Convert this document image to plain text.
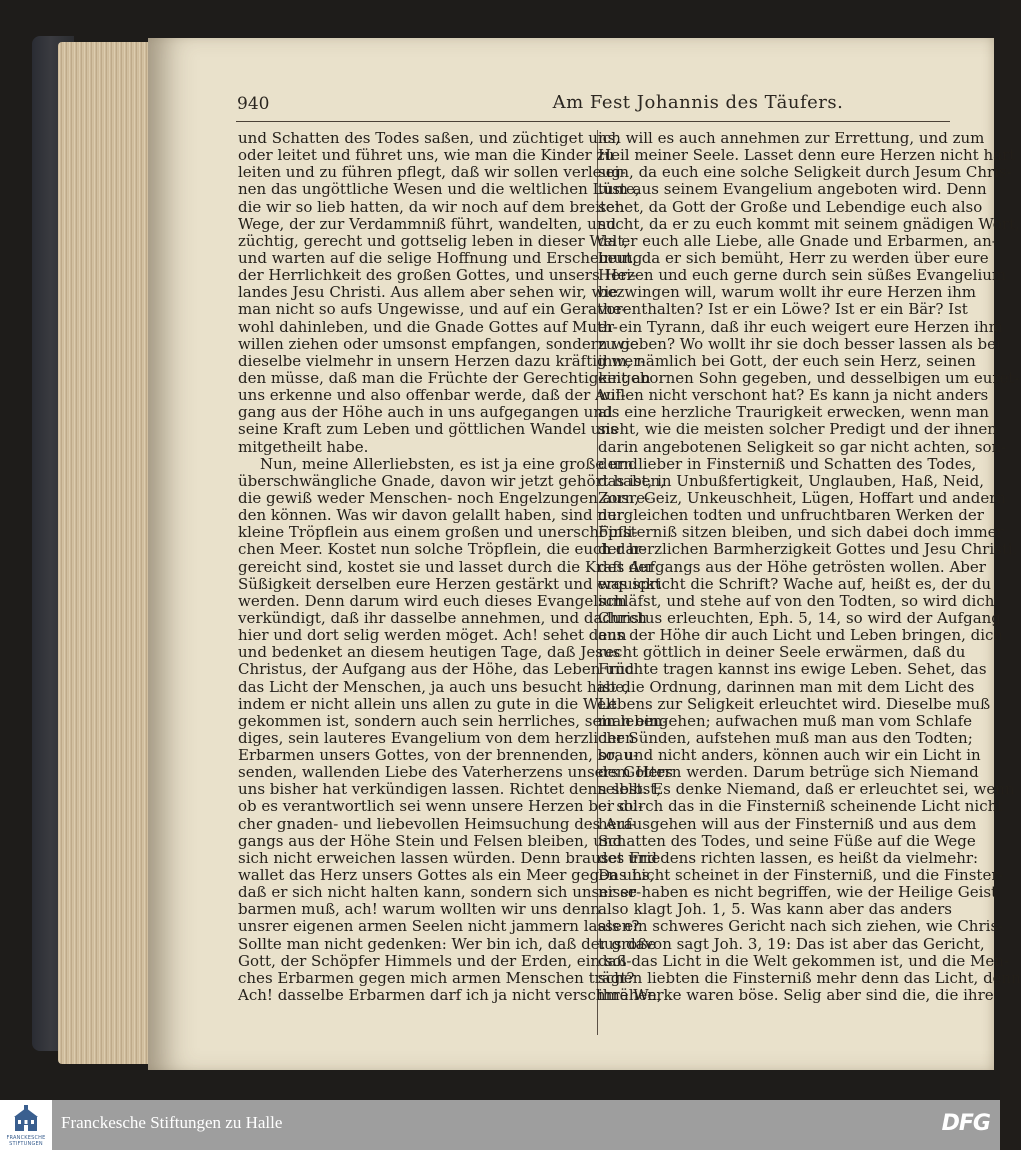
940	Am Fest Johannis des Täufers.
und Schatten des Todes saßen, und züchtiget uns,
oder leitet und führet uns, wie man die Kinder zu
leiten und zu führen pflegt, daß wir sollen verleug-
nen das ungöttliche Wesen und die weltlichen Lüste,
die wir so lieb hatten, da wir noch auf dem breiten
Wege, der zur Verdammniß führt, wandelten, und
züchtig, gerecht und gottselig leben in dieser Welt,
und warten auf die selige Hoffnung und Erscheinung
der Herrlichkeit des großen Gottes, und unsers Hei-
landes Jesu Christi. Aus allem aber sehen wir, wie
man nicht so aufs Ungewisse, und auf ein Gerathe-
wohl dahinleben, und die Gnade Gottes auf Muth-
willen ziehen oder umsonst empfangen, sondern wie
dieselbe vielmehr in unsern Herzen dazu kräftig wer-
den müsse, daß man die Früchte der Gerechtigkeit an
uns erkenne und also offenbar werde, daß der Auf-
gang aus der Höhe auch in uns aufgegangen und
seine Kraft zum Leben und göttlichen Wandel uns
mitgetheilt habe.
Nun, meine Allerliebsten, es ist ja eine große und
überschwängliche Gnade, davon wir jetzt gehört haben,
die gewiß weder Menschen- noch Engelzungen ausre-
den können. Was wir davon gelallt haben, sind nur
kleine Tröpflein aus einem großen und unerschöpfli-
chen Meer. Kostet nun solche Tröpflein, die euch dar-
gereicht sind, kostet sie und lasset durch die Kraft der
Süßigkeit derselben eure Herzen gestärkt und erquickt
werden. Denn darum wird euch dieses Evangelium
verkündigt, daß ihr dasselbe annehmen, und dadurch
hier und dort selig werden möget. Ach! sehet denn
und bedenket an diesem heutigen Tage, daß Jesus
Christus, der Aufgang aus der Höhe, das Leben und
das Licht der Menschen, ja auch uns besucht habe,
indem er nicht allein uns allen zu gute in die Welt
gekommen ist, sondern auch sein herrliches, sein leben-
diges, sein lauteres Evangelium von dem herzlichen
Erbarmen unsers Gottes, von der brennenden, brau-
senden, wallenden Liebe des Vaterherzens unsers Gottes
uns bisher hat verkündigen lassen. Richtet denn selbst,
ob es verantwortlich sei wenn unsere Herzen bei sol-
cher gnaden- und liebevollen Heimsuchung des Auf-
gangs aus der Höhe Stein und Felsen bleiben, und
sich nicht erweichen lassen würden. Denn brauset und
wallet das Herz unsers Gottes als ein Meer gegen uns,
daß er sich nicht halten kann, sondern sich unser er-
barmen muß, ach! warum wollten wir uns denn
unsrer eigenen armen Seelen nicht jammern lassen?
Sollte man nicht gedenken: Wer bin ich, daß der große
Gott, der Schöpfer Himmels und der Erden, ein sol-
ches Erbarmen gegen mich armen Menschen trägt?
Ach! dasselbe Erbarmen darf ich ja nicht verschmähen,
ich will es auch annehmen zur Errettung, und zum
Heil meiner Seele. Lasset denn eure Herzen nicht hart
sein, da euch eine solche Seligkeit durch Jesum Chris-
tum aus seinem Evangelium angeboten wird. Denn
sehet, da Gott der Große und Lebendige euch also
sucht, da er zu euch kommt mit seinem gnädigen Wort,
da er euch alle Liebe, alle Gnade und Erbarmen, an-
beut, da er sich bemüht, Herr zu werden über eure
Herzen und euch gerne durch sein süßes Evangelium
bezwingen will, warum wollt ihr eure Herzen ihm
vorenthalten? Ist er ein Löwe? Ist er ein Bär? Ist
er ein Tyrann, daß ihr euch weigert eure Herzen ihm
zu geben? Wo wollt ihr sie doch besser lassen als bei
ihm, nämlich bei Gott, der euch sein Herz, seinen
eingebornen Sohn gegeben, und desselbigen um euret-
willen nicht verschont hat? Es kann ja nicht anders
als eine herzliche Traurigkeit erwecken, wenn man
sieht, wie die meisten solcher Predigt und der ihnen
darin angebotenen Seligkeit so gar nicht achten, son-
dern lieber in Finsterniß und Schatten des Todes,
das ist, in Unbußfertigkeit, Unglauben, Haß, Neid,
Zorn, Geiz, Unkeuschheit, Lügen, Hoffart und andern
dergleichen todten und unfruchtbaren Werken der
Finsterniß sitzen bleiben, und sich dabei doch immer
der herzlichen Barmherzigkeit Gottes und Jesu Christi,
des Aufgangs aus der Höhe getrösten wollen. Aber
was spricht die Schrift? Wache auf, heißt es, der du
schläfst, und stehe auf von den Todten, so wird dich
Christus erleuchten, Eph. 5, 14, so wird der Aufgang
aus der Höhe dir auch Licht und Leben bringen, dich
recht göttlich in deiner Seele erwärmen, daß du
Früchte tragen kannst ins ewige Leben. Sehet, das
ist die Ordnung, darinnen man mit dem Licht des
Lebens zur Seligkeit erleuchtet wird. Dieselbe muß
man eingehen; aufwachen muß man vom Schlafe
der Sünden, aufstehen muß man aus den Todten;
so, und nicht anders, können auch wir ein Licht in
dem Herrn werden. Darum betrüge sich Niemand
selbst. Es denke Niemand, daß er erleuchtet sei, wenn
er durch das in die Finsterniß scheinende Licht nicht
herausgehen will aus der Finsterniß und aus dem
Schatten des Todes, und seine Füße auf die Wege
des Friedens richten lassen, es heißt da vielmehr:
Das Licht scheinet in der Finsterniß, und die Finster-
nisse haben es nicht begriffen, wie der Heilige Geist
also klagt Joh. 1, 5. Was kann aber das anders
als ein schweres Gericht nach sich ziehen, wie Chris-
tus davon sagt Joh. 3, 19: Das ist aber das Gericht,
daß das Licht in die Welt gekommen ist, und die Men-
schen liebten die Finsterniß mehr denn das Licht, denn
ihre Werke waren böse. Selig aber sind die, die ihre
FRANCKESCHE STIFTUNGEN
Franckesche Stiftungen zu Halle	DFG
